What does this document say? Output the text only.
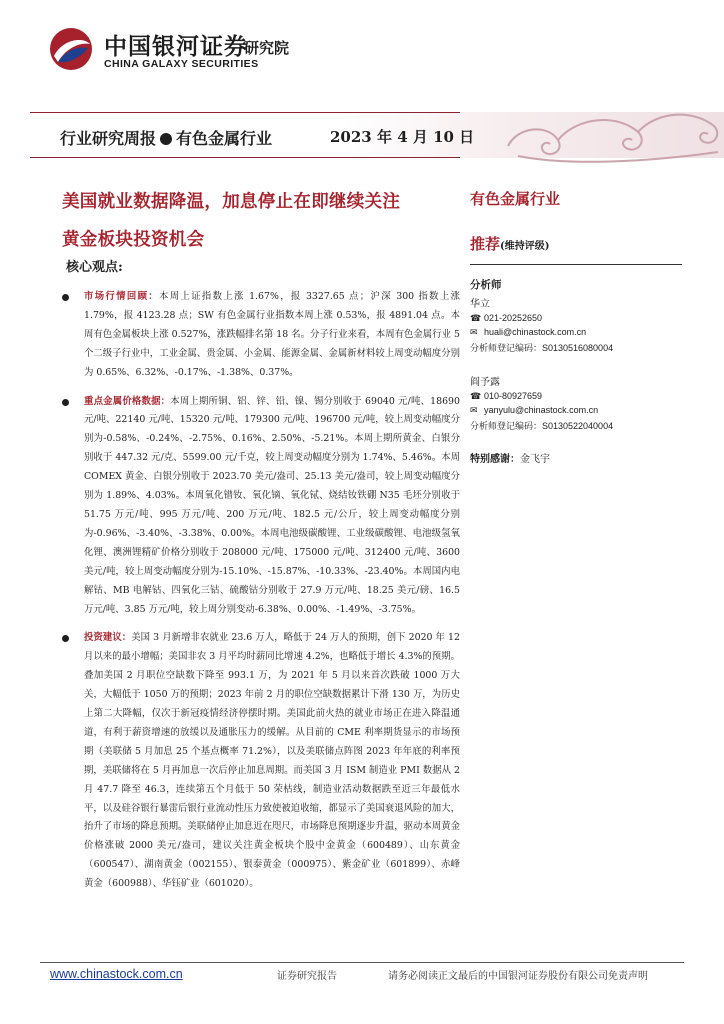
中国银河证券
CHINA GALAXY SECURITIES
研究院
行业研究周报 有色金属行业	2023 年 4 月 10 日
美国就业数据降温，加息停止在即继续关注
黄金板块投资机会
核心观点:
市场行情回顾：本周上证指数上涨 1.67%，报 3327.65 点；沪深 300 指数上涨 1.79%，报 4123.28 点；SW 有色金属行业指数本周上涨 0.53%，报 4891.04 点。本周有色金属板块上涨 0.527%，涨跌幅排名第 18 名。分子行业来看，本周有色金属行业 5 个二级子行业中，工业金属、贵金属、小金属、能源金属、金属新材料较上周变动幅度分别为 0.65%、6.32%、-0.17%、-1.38%、0.37%。
重点金属价格数据：本周上期所铜、铝、锌、铅、镍、锡分别收于 69040 元/吨、18690 元/吨、22140 元/吨、15320 元/吨、179300 元/吨、196700 元/吨，较上周变动幅度分别为-0.58%、-0.24%、-2.75%、0.16%、2.50%、-5.21%。本周上期所黄金、白银分别收于 447.32 元/克、5599.00 元/千克，较上周变动幅度分别为 1.74%、5.46%。本周 COMEX 黄金、白银分别收于 2023.70 美元/盎司、25.13 美元/盎司，较上周变动幅度分别为 1.89%、4.03%。本周氧化镨钕、氧化镝、氧化铽、烧结钕铁硼 N35 毛坯分别收于 51.75 万元/吨、995 万元/吨、200 万元/吨、182.5 元/公斤，较上周变动幅度分别为-0.96%、-3.40%、-3.38%、0.00%。本周电池级碳酸锂、工业级碳酸锂、电池级氢氧化锂、澳洲锂精矿价格分别收于 208000 元/吨、175000 元/吨、312400 元/吨、3600 美元/吨，较上周变动幅度分别为-15.10%、-15.87%、-10.33%、-23.40%。本周国内电解钴、MB 电解钴、四氧化三钴、硫酸钴分别收于 27.9 万元/吨、18.25 美元/磅、16.5 万元/吨、3.85 万元/吨，较上周分别变动-6.38%、0.00%、-1.49%、-3.75%。
投资建议：美国 3 月新增非农就业 23.6 万人，略低于 24 万人的预期，创下 2020 年 12 月以来的最小增幅；美国非农 3 月平均时薪同比增速 4.2%，也略低于增长 4.3%的预期。叠加美国 2 月职位空缺数下降至 993.1 万，为 2021 年 5 月以来首次跌破 1000 万大关，大幅低于 1050 万的预期；2023 年前 2 月的职位空缺数据累计下滑 130 万，为历史上第二大降幅，仅次于新冠疫情经济停摆时期。美国此前火热的就业市场正在进入降温通道，有利于薪资增速的放缓以及通胀压力的缓解。从目前的 CME 利率期货显示的市场预期（美联储 5 月加息 25 个基点概率 71.2%），以及美联储点阵图 2023 年年底的利率预期，美联储将在 5 月再加息一次后停止加息周期。而美国 3 月 ISM 制造业 PMI 数据从 2 月 47.7 降至 46.3，连续第五个月低于 50 荣枯线，制造业活动数据跌至近三年最低水平，以及硅谷银行暴雷后银行业流动性压力致使被迫收缩，都显示了美国衰退风险的加大，抬升了市场的降息预期。美联储停止加息近在咫尺，市场降息预期逐步升温，驱动本周黄金价格涨破 2000 美元/盎司，建议关注黄金板块个股中金黄金（600489）、山东黄金（600547）、湖南黄金（002155）、银泰黄金（000975）、紫金矿业（601899）、赤峰黄金（600988）、华钰矿业（601020）。
有色金属行业
推荐(维持评级)
分析师
华立
☎ 021-20252650
✉ huali@chinastock.com.cn
分析师登记编码：S0130516080004
阎予露
☎ 010-80927659
✉ yanyulu@chinastock.com.cn
分析师登记编码：S0130522040004
特别感谢：金飞宇
www.chinastock.com.cn	证券研究报告	请务必阅读正文最后的中国银河证券股份有限公司免责声明
